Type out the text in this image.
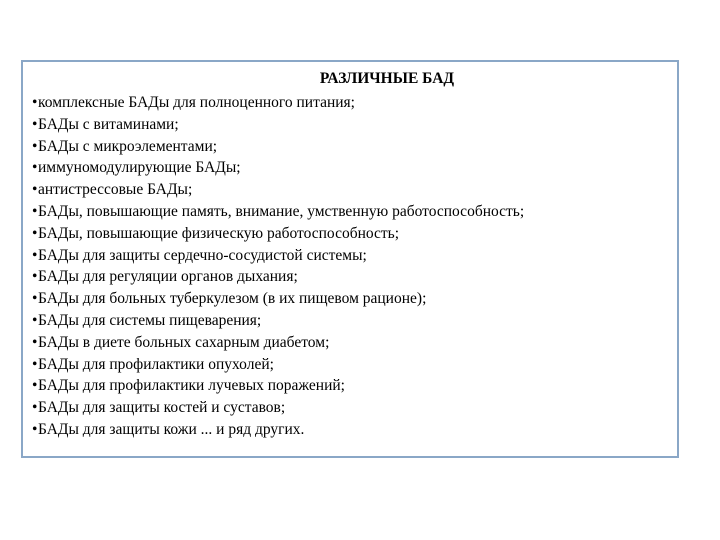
РАЗЛИЧНЫЕ БАД
•комплексные БАДы для полноценного питания;
•БАДы с витаминами;
•БАДы с микроэлементами;
•иммуномодулирующие БАДы;
•антистрессовые БАДы;
•БАДы, повышающие память, внимание, умственную работоспособность;
•БАДы, повышающие физическую работоспособность;
•БАДы для защиты сердечно-сосудистой системы;
•БАДы для регуляции органов дыхания;
•БАДы для больных туберкулезом (в их пищевом рационе);
•БАДы для системы пищеварения;
•БАДы в диете больных сахарным диабетом;
•БАДы для профилактики опухолей;
•БАДы для профилактики лучевых поражений;
•БАДы для защиты костей и суставов;
•БАДы для защиты кожи ... и ряд других.
